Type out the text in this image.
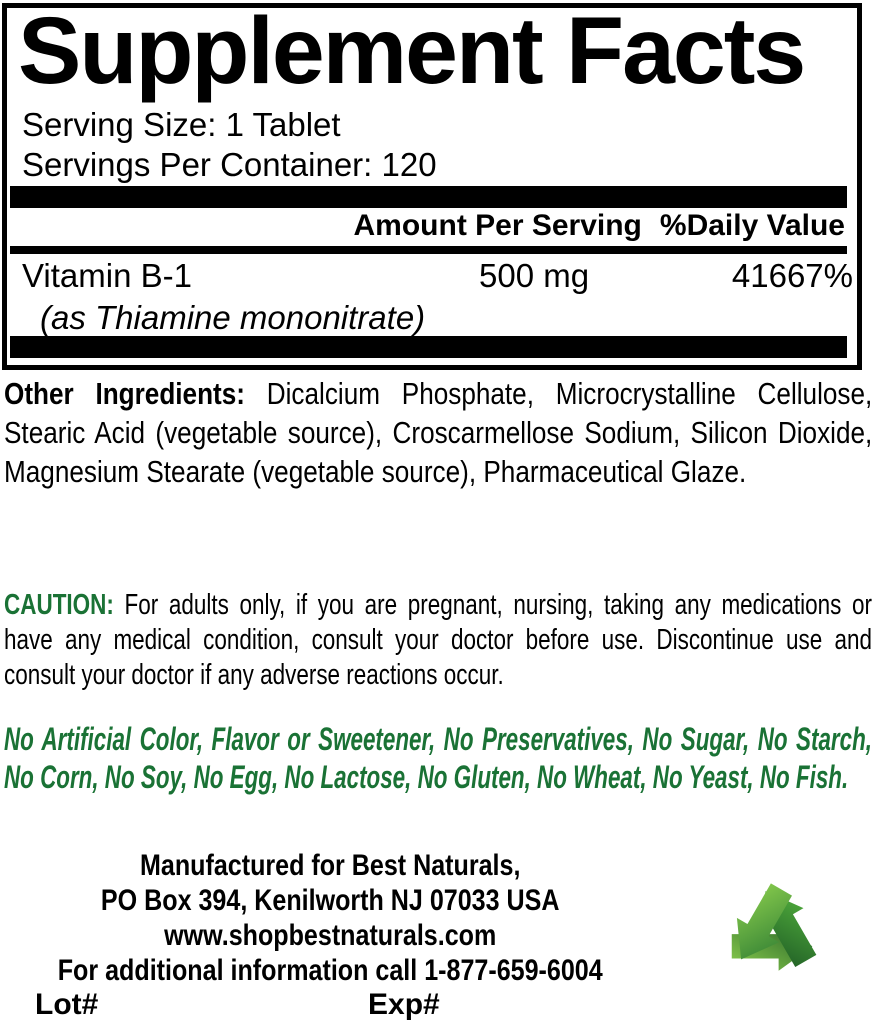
Supplement Facts
Serving Size: 1 Tablet
Servings Per Container: 120
Amount Per Serving %Daily Value
Vitamin B-1	500 mg	41667%
(as Thiamine mononitrate)
Other Ingredients: Dicalcium Phosphate, Microcrystalline Cellulose, Stearic Acid (vegetable source), Croscarmellose Sodium, Silicon Dioxide, Magnesium Stearate (vegetable source), Pharmaceutical Glaze.
CAUTION: For adults only, if you are pregnant, nursing, taking any medications or have any medical condition, consult your doctor before use. Discontinue use and consult your doctor if any adverse reactions occur.
No Artificial Color, Flavor or Sweetener, No Preservatives, No Sugar, No Starch, No Corn, No Soy, No Egg, No Lactose, No Gluten, No Wheat, No Yeast, No Fish.
Manufactured for Best Naturals,
PO Box 394, Kenilworth NJ 07033 USA
www.shopbestnaturals.com
For additional information call 1-877-659-6004
Lot#	Exp#
